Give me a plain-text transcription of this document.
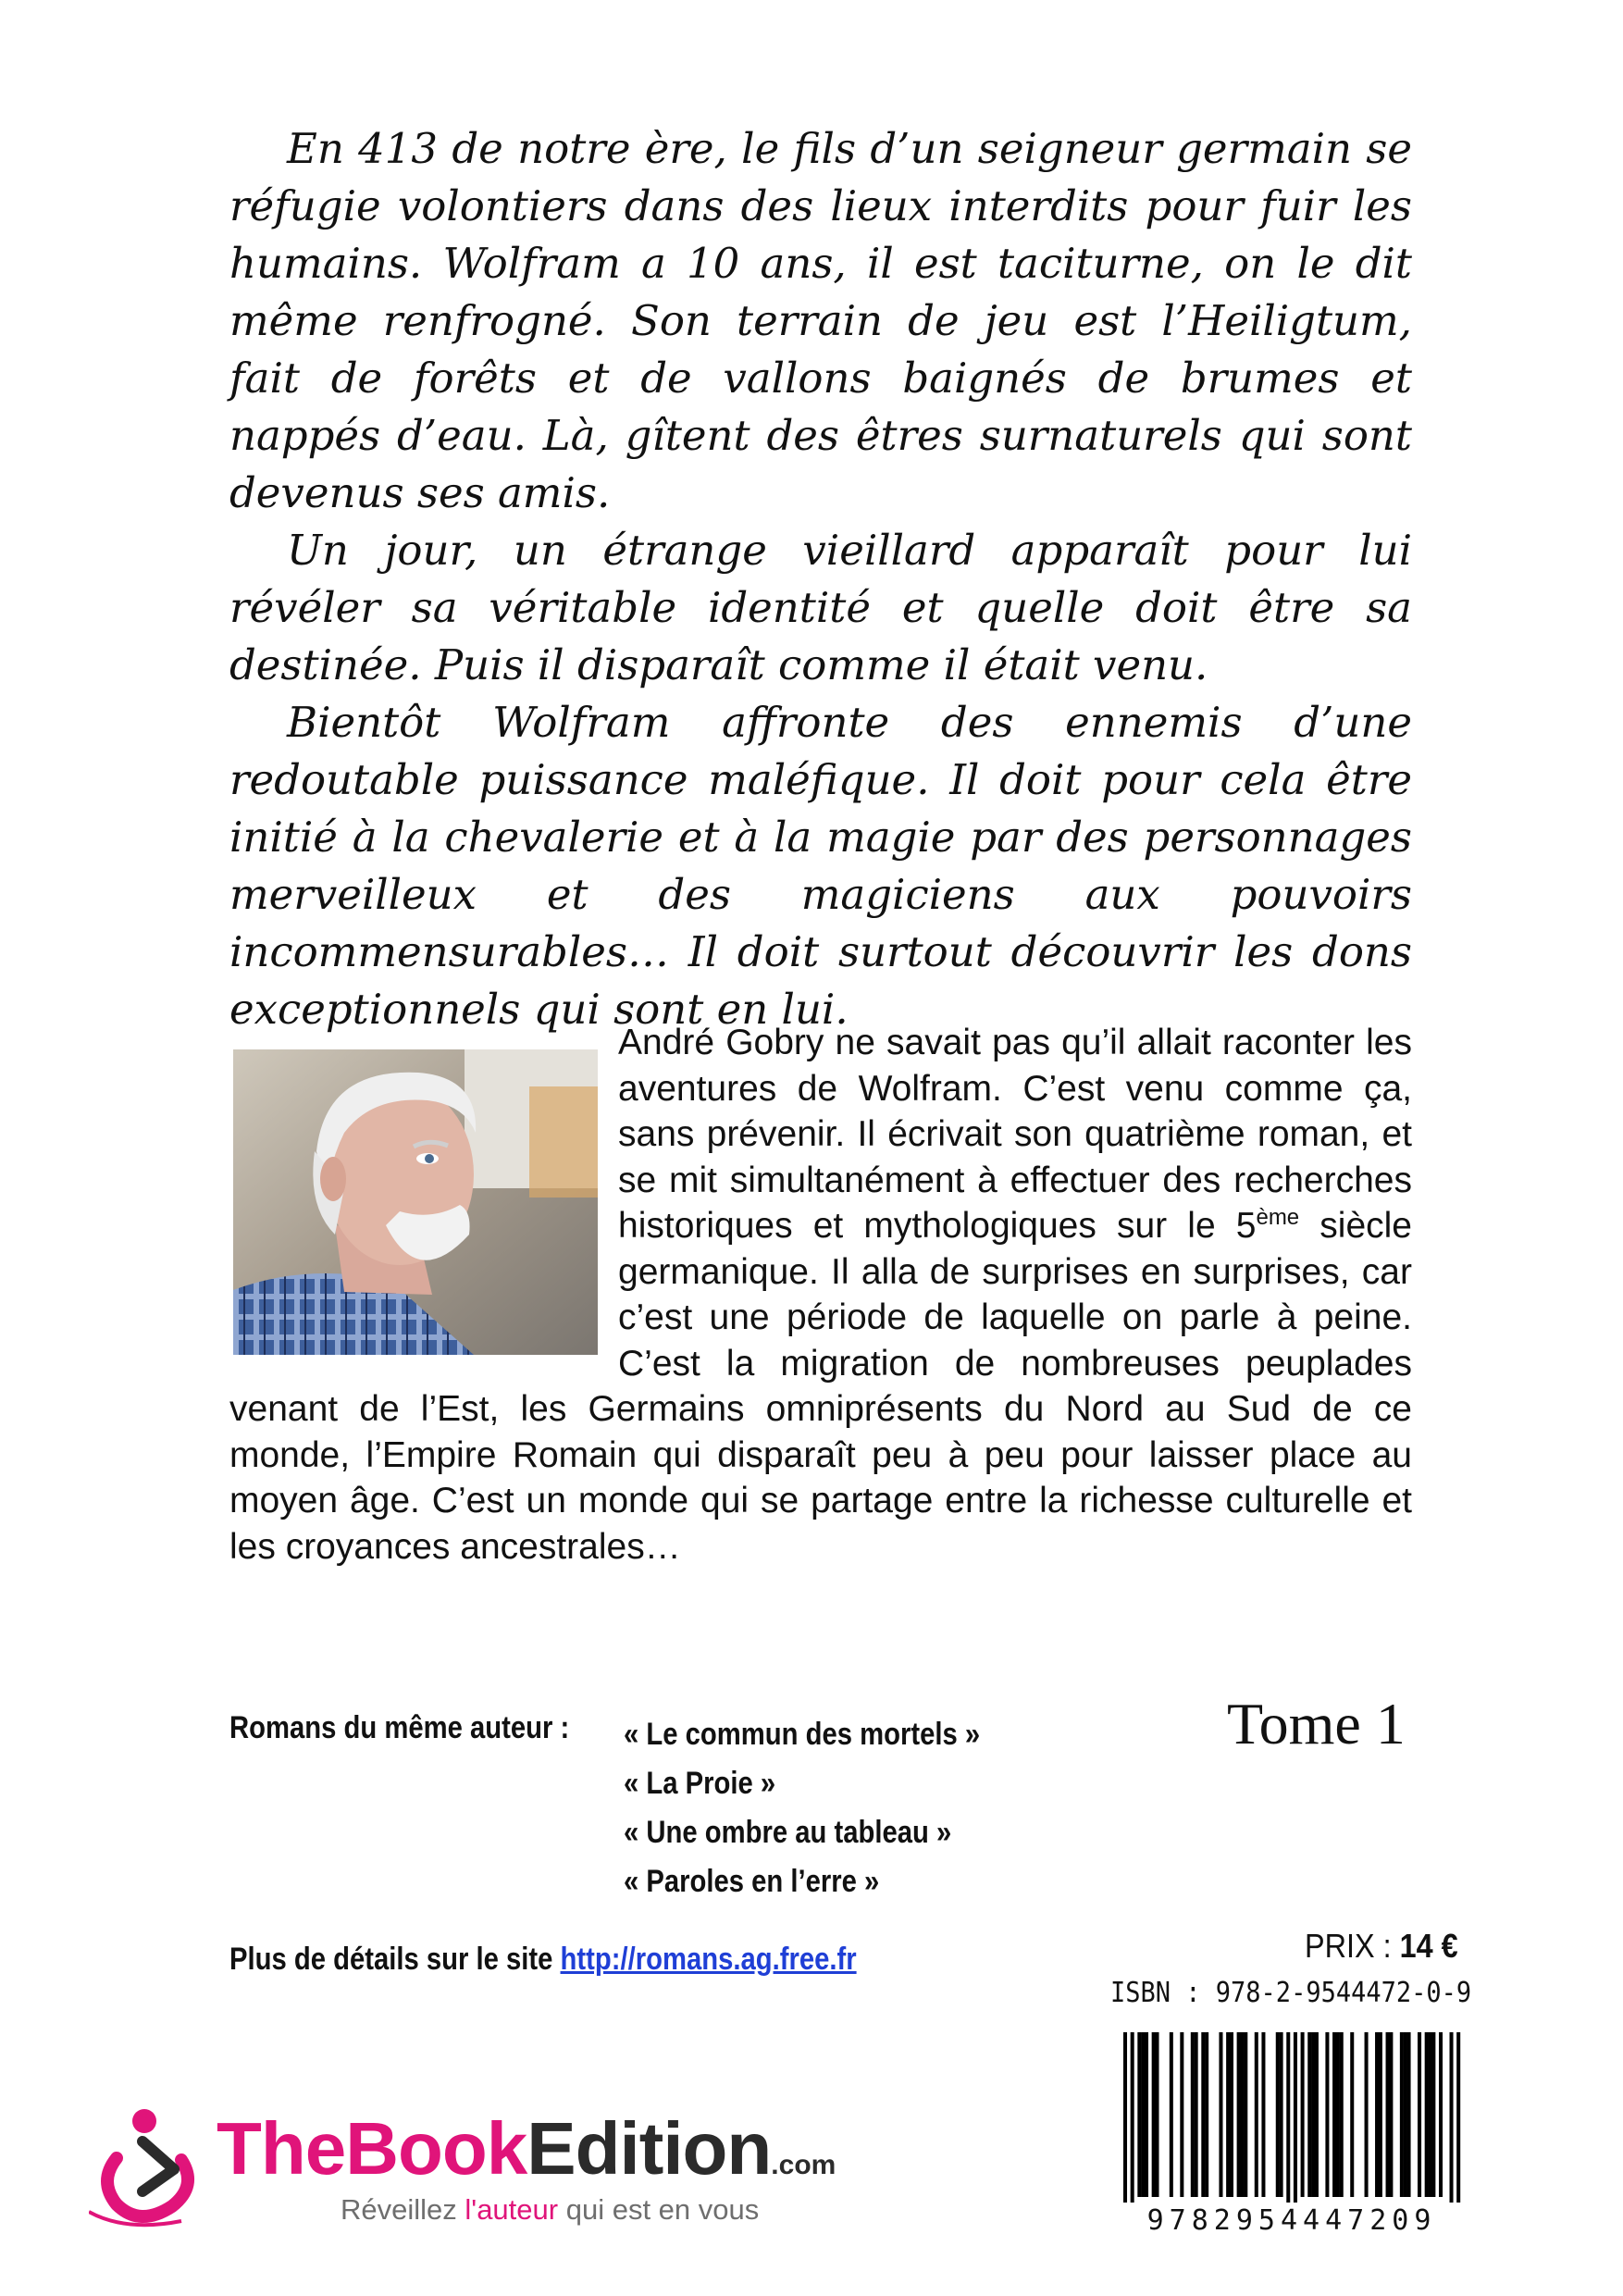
En 413 de notre ère, le fils d’un seigneur germain se réfugie volontiers dans des lieux interdits pour fuir les humains. Wolfram a 10 ans, il est taciturne, on le dit même renfrogné. Son terrain de jeu est l’Heiligtum, fait de forêts et de vallons baignés de brumes et nappés d’eau. Là, gîtent des êtres surnaturels qui sont devenus ses amis.

Un jour, un étrange vieillard apparaît pour lui révéler sa véritable identité et quelle doit être sa destinée. Puis il disparaît comme il était venu.

Bientôt Wolfram affronte des ennemis d’une redoutable puissance maléfique. Il doit pour cela être initié à la chevalerie et à la magie par des personnages merveilleux et des magiciens aux pouvoirs incommensurables… Il doit surtout découvrir les dons exceptionnels qui sont en lui.

André Gobry ne savait pas qu’il allait raconter les aventures de Wolfram. C’est venu comme ça, sans prévenir. Il écrivait son quatrième roman, et se mit simultanément à effectuer des recherches historiques et mythologiques sur le 5ème siècle germanique. Il alla de surprises en surprises, car c’est une période de laquelle on parle à peine. C’est la migration de nombreuses peuplades venant de l’Est, les Germains omniprésents du Nord au Sud de ce monde, l’Empire Romain qui disparaît peu à peu pour laisser place au moyen âge. C’est un monde qui se partage entre la richesse culturelle et les croyances ancestrales…
Romans du même auteur : « Le commun des mortels »
« La Proie »
« Une ombre au tableau »
« Paroles en l’erre »
Tome 1
Plus de détails sur le site http://romans.ag.free.fr	PRIX : 14 €
ISBN : 978-2-9544472-0-9
9782954447209
TheBookEdition.com
Réveillez l'auteur qui est en vous
